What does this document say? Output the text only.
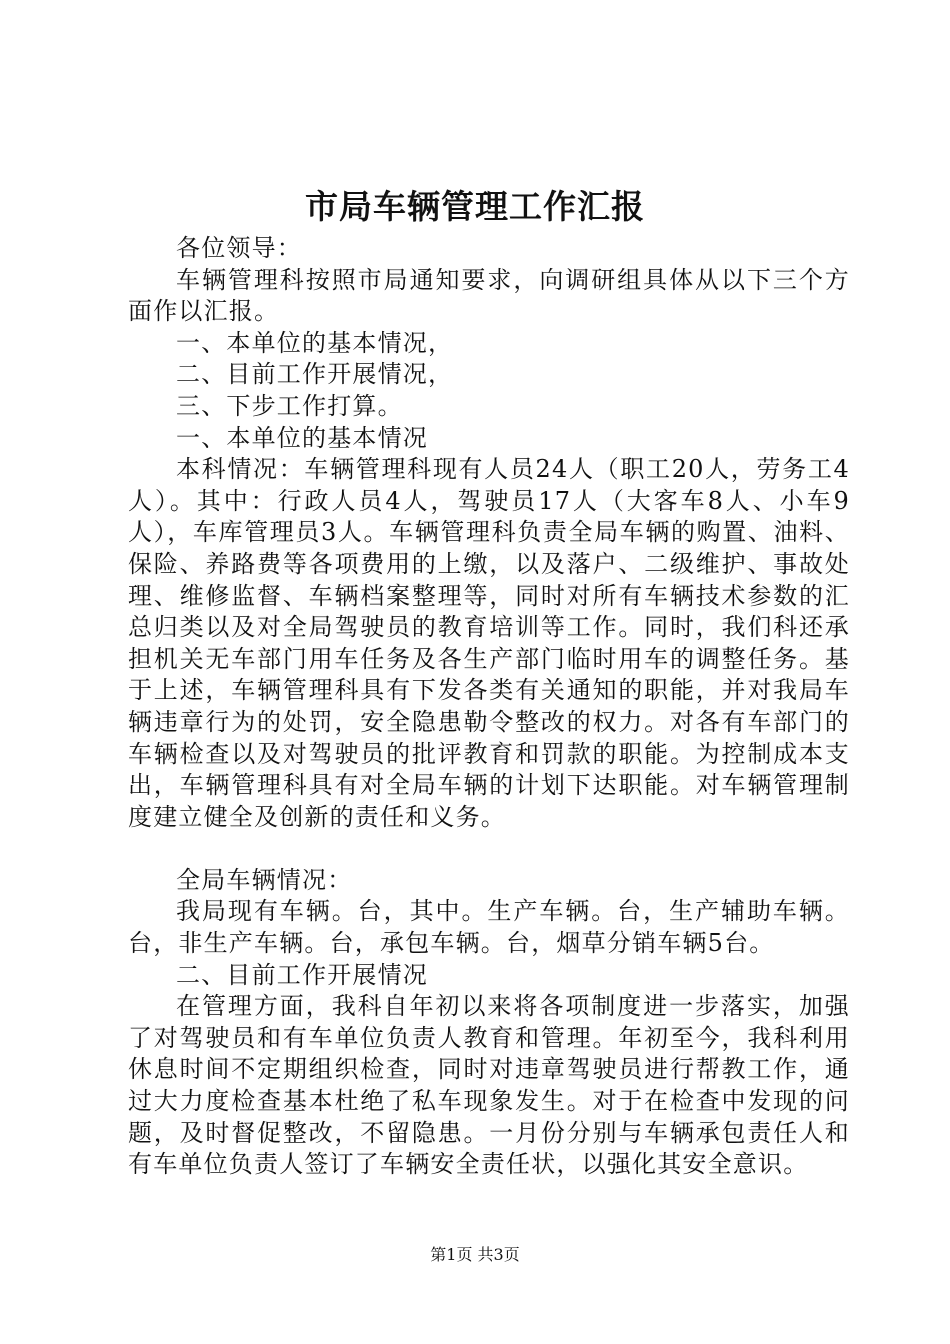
市局车辆管理工作汇报

各位领导：

车辆管理科按照市局通知要求，向调研组具体从以下三个方面作以汇报。

一、本单位的基本情况，

二、目前工作开展情况，

三、下步工作打算。

一、本单位的基本情况

本科情况：车辆管理科现有人员24人（职工20人，劳务工4人）。其中：行政人员4人，驾驶员17人（大客车8人、小车9人），车库管理员3人。车辆管理科负责全局车辆的购置、油料、保险、养路费等各项费用的上缴，以及落户、二级维护、事故处理、维修监督、车辆档案整理等，同时对所有车辆技术参数的汇总归类以及对全局驾驶员的教育培训等工作。同时，我们科还承担机关无车部门用车任务及各生产部门临时用车的调整任务。基于上述，车辆管理科具有下发各类有关通知的职能，并对我局车辆违章行为的处罚，安全隐患勒令整改的权力。对各有车部门的车辆检查以及对驾驶员的批评教育和罚款的职能。为控制成本支出，车辆管理科具有对全局车辆的计划下达职能。对车辆管理制度建立健全及创新的责任和义务。

全局车辆情况：

我局现有车辆。台，其中。生产车辆。台，生产辅助车辆。台，非生产车辆。台，承包车辆。台，烟草分销车辆5台。

二、目前工作开展情况

在管理方面，我科自年初以来将各项制度进一步落实，加强了对驾驶员和有车单位负责人教育和管理。年初至今，我科利用休息时间不定期组织检查，同时对违章驾驶员进行帮教工作，通过大力度检查基本杜绝了私车现象发生。对于在检查中发现的问题，及时督促整改，不留隐患。一月份分别与车辆承包责任人和有车单位负责人签订了车辆安全责任状，以强化其安全意识。

第1页 共3页
